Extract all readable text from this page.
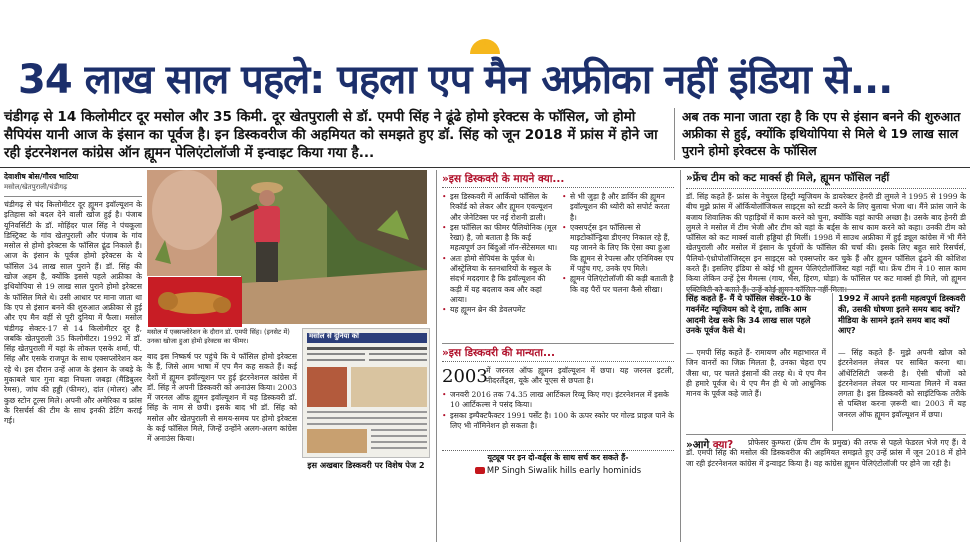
34 लाख साल पहले: पहला एप मैन अफ्रीका नहीं इंडिया से...
चंडीगढ़ से 14 किलोमीटर दूर मसोल और 35 किमी. दूर खेतपुराली से डॉ. एमपी सिंह ने ढूंढे होमो इरेक्टस के फॉसिल, जो होमो सैपियंस यानी आज के इंसान का पूर्वज है। इन डिस्कवरीज की अहमियत को समझते हुए डॉ. सिंह को जून 2018 में फ्रांस में होने जा रही इंटरनेशनल कांग्रेस ऑन ह्यूमन पेलिएंटोलॉजी में इन्वाइट किया गया है...
अब तक माना जाता रहा है कि एप से इंसान बनने की शुरुआत अफ्रीका से हुई, क्योंकि इथियोपिया से मिले थे 19 लाख साल पुराने होमो इरेक्टस के फॉसिल
देवाशीष बोस/गौरव भाटिया
मसोल/खेतपुराली/चंडीगढ़
चंडीगढ़ से चंद किलोमीटर दूर ह्यूमन इवॉल्यूशन के इतिहास को बदल देने वाली खोज हुई है। पंजाब यूनिवर्सिटी के डॉ. मोहिंदर पाल सिंह ने पंचकूला डिस्ट्रिक्ट के गांव खेतपुराली और पंजाब के गांव मसोल से होमो इरेक्टस के फॉसिल ढूंढ निकाले हैं। आज के इंसान के पूर्वज होमो इरेक्टस के ये फॉसिल 34 लाख साल पुराने हैं। डॉ. सिंह की खोज अहम है, क्योंकि इससे पहले अफ्रीका के इथियोपिया से 19 लाख साल पुराने होमो इरेक्टस के फॉसिल मिले थे। उसी आधार पर माना जाता था कि एप से इंसान बनने की शुरुआत अफ्रीका से हुई और एप मैन वहीं से पूरी दुनिया में फैला। मसोल चंडीगढ़ सेक्टर-17 से 14 किलोमीटर दूर है, जबकि खेतपुराली 35 किलोमीटर। 1992 में डॉ. सिंह खेतपुराली में यहां के लोकल एसके शर्मा, पी. सिंह और एसके राजपूत के साथ एक्सप्लोरेशन कर रहे थे। इस दौरान उन्हें आज के इंसान के जबड़े के मुकाबले चार गुना बड़ा निचला जबड़ा (मैंडिबुलर रेमस), जांघ की हड्डी (फीमर), दांत (मोलर) और कुछ स्टोन टूल्स मिले। अपनी और अमेरिका व फ्रांस के रिसर्चर्स की टीम के साथ इनकी डेटिंग कराई गई।
मसोल में एक्सप्लोरेशन के दौरान डॉ. एमपी सिंह। (इनसेट में) उनका खोजा हुआ होमो इरेक्टस का फीमर।
बाद इस निष्कर्ष पर पहुंचे कि ये फॉसिल होमो इरेक्टस के हैं, जिसे आम भाषा में एप मैन कह सकते हैं। कई देशों में ह्यूमन इवॉल्यूशन पर हुई इंटरनेशनल कांग्रेस में डॉ. सिंह ने अपनी डिस्कवरी को अनाउंस किया। 2003 में जरनल ऑफ ह्यूमन इवॉल्यूशन में यह डिस्कवरी डॉ. सिंह के नाम से छपी। इसके बाद भी डॉ. सिंह को मसोल और खेतपुराली से समय-समय पर होमो इरेक्टस के कई फॉसिल मिले, जिन्हें उन्होंने अलग-अलग कांग्रेस में अनाउंस किया।
मसोल से दुनिया को
इस अखबार डिस्कवरी पर विशेष पेज 2
»इस डिस्कवरी के मायने क्या...
• इस डिस्कवरी में आर्कियो फॉसिल के रिकॉर्ड को लेकर और ह्यूमन एवल्यूशन और जेनेटिक्स पर नई रोशनी डाली।
• इस फॉसिल का फीमर पैलियोनिक (मूल रेखा) है, जो बताता है कि कई महत्वपूर्ण उन बिंदुओं नॉन-सेंटेसमल था।
• अतः होमो सेपियंस के पूर्वज थे। ऑस्ट्रेलिया के स्तनधारियों के स्कूल के संदर्भ मददगार है कि इवॉल्यूशन की कड़ी में यह बदलाव कब और कहां आया।
• यह ह्यूमन ब्रेन की डेवलपमेंट
• से भी जुड़ा है और डार्विन की ह्यूमन इवॉल्यूशन की थ्योरी को सपोर्ट करता है।
• एक्सपर्ट्स इन फॉसिल्स से माइटोकॉन्ड्रिया डीएनए निकाल रहे हैं, यह जानने के लिए कि ऐसा क्या हुआ कि ह्यूमन से रेपल्स और एनिमिक्स एप में पहुंच गए, उनके एप मिले।
• ह्यूमन पेलिएंटोलॉजी की कड़ी बताती है कि वह पैरों पर चलना कैसे सीखा।
»इस डिस्कवरी की मान्यता...
2003
में जरनल ऑफ ह्यूमन इवॉल्यूशन में छपा। यह जरनल इटली, नीदरलैंड्स, यूके और यूएस से छपता है।
• जनवरी 2016 तक 74.35 लाख आर्टिकल रिव्यू किए गए। इंटरनेशनल में इसके 10 आर्टिकल्स ने पसंद किया।
• इसका इम्पैक्टफैक्टर 1991 पर्सेंट है। 100 के ऊपर स्कोर पर गोल्ड प्राइज पाने के लिए भी नॉमिनेशन हो सकता है।
यूट्यूब पर इन दो-वर्ड्स के साथ सर्च कर सकते हैं-
MP Singh Siwalik hills early hominids
»फ्रेंच टीम को कट मार्क्स ही मिले, ह्यूमन फॉसिल नहीं
डॉ. सिंह कहते हैं- फ्रांस के नेचुरल हिस्ट्री म्यूजियम के डायरेक्टर हेनरी डी लुमले ने 1995 से 1999 के बीच मुझे फ्रांस में ऑर्कियोलॉजिकल साइट्स को स्टडी करने के लिए बुलाया भेजा था। मैंने फ्रांस जाने के बजाय शिवालिक की पहाड़ियों में काम करने को चुना, क्योंकि यहां काफी अच्छा है। उसके बाद हेनरी डी लुमले ने मसोल में टीम भेजी और टीम को यहां के बर्ड्स के साथ काम करने को कहा। उनकी टीम को फॉसिल को कट मार्क्स वाली हड्डियां ही मिलीं। 1998 में साउथ अफ्रीका में हुई ड्यूल कांग्रेस में भी मैंने खेतपुराली और मसोल में इंसान के पूर्वजों के फॉसिल की चर्चा की। इसके लिए बहुत सारे रिसर्चर्स, पैलियो-एंथ्रोपोलॉजिस्ट्स इन साइट्स को एक्सप्लोर कर चुके हैं और ह्यूमन फॉसिल ढूंढने की कोशिश करते हैं। इसलिए इंडिया से कोई भी ह्यूमन पेलिएंटोलॉजिस्ट यहां नहीं था। फ्रेंच टीम ने 10 साल काम किया लेकिन उन्हें ट्रेस मैमल्स (गाय, भैंस, हिरण, घोड़ा) के फॉसिल पर कट मार्क्स ही मिले, जो ह्यूमन
सिंह कहते हैं- मैं ये फॉसिल सेक्टर-10 के गवर्नमेंट म्यूजियम को दे दूंगा, ताकि आम आदमी देख सके कि 34 लाख साल पहले उनके पूर्वज कैसे थे।
— एमपी सिंह कहते हैं- रामायण और महाभारत में जिन वानरों का जिक्र मिलता है, उनका चेहरा एप जैसा था, पर चलते इंसानों की तरह थे। ये एप मैन ही हमारे पूर्वज थे। ये एप मैन ही थे जो आधुनिक मानव के पूर्वज कहे जाते हैं।
1992 में आपने इतनी महत्वपूर्ण डिस्कवरी की, उसकी घोषणा इतने समय बाद क्यों? मीडिया के सामने इतने समय बाद क्यों आए?
— सिंह कहते हैं- मुझे अपनी खोज को इंटरनेशनल लेवल पर साबित करना था। ऑथेंटिसिटी जरूरी है। ऐसी चीजों को इंटरनेशनल लेवल पर मान्यता मिलने में वक्त लगता है। इस डिस्कवरी को साइंटिफिक तरीके से पब्लिश करना ज़रूरी था। 2003 में यह जनरल ऑफ ह्यूमन इवॉल्यूशन में छपा।
»आगे क्या?	प्रोफेसर कुम्फरा (फ्रेंच टीम के प्रमुख) की तरफ से पहले फेडरल भेजे गए हैं। वे डॉ. एमपी सिंह की मसोल की डिस्कवरीज की अहमियत समझते हुए उन्हें फ्रांस में जून 2018 में होने जा रही इंटरनेशनल कांग्रेस में इन्वाइट किया है। वह कांग्रेस ह्यूमन पेलिएंटोलॉजी पर होने जा रही है।
